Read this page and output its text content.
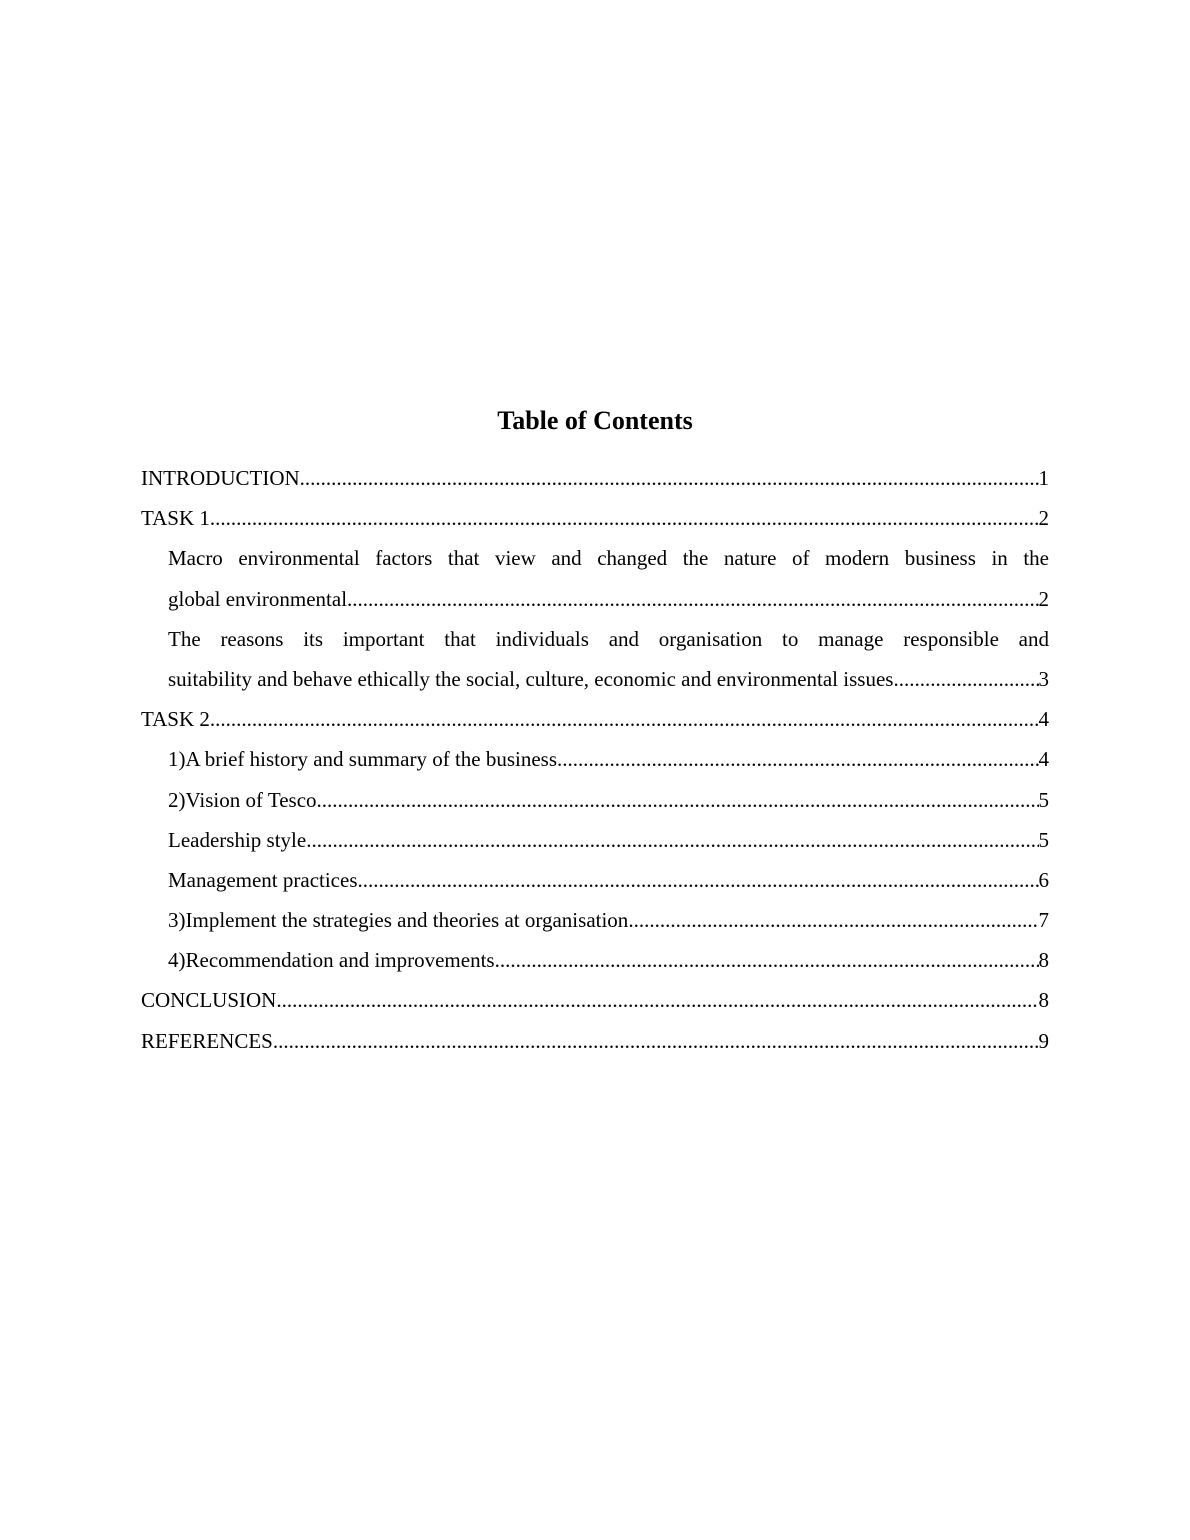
Table of Contents
INTRODUCTION .....	1
TASK 1 .....	2
Macro environmental factors that view and changed the nature of modern business in the
global environmental .....	2
The reasons its important that individuals and organisation to manage responsible and
suitability and behave ethically the social, culture, economic and environmental issues .....	3
TASK 2 .....	4
1)A brief history and summary of the business .....	4
2)Vision of Tesco .....	5
Leadership style .....	5
Management practices .....	6
3)Implement the strategies and theories at organisation .....	7
4)Recommendation and improvements .....	8
CONCLUSION .....	8
REFERENCES .....	9
